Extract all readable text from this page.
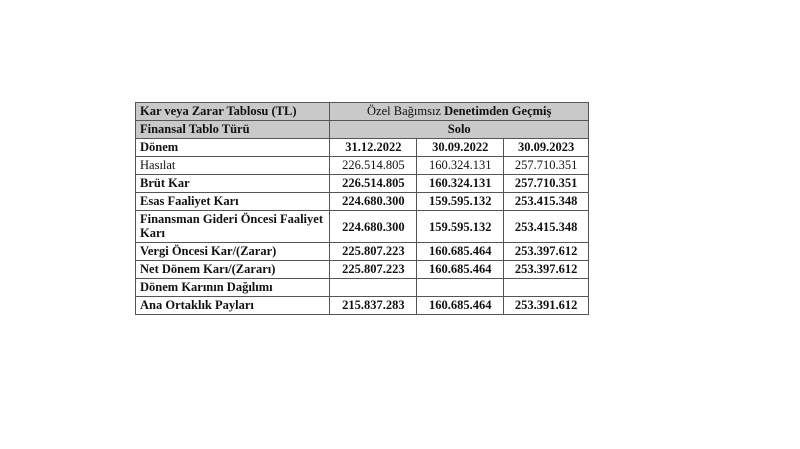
Kar veya Zarar Tablosu (TL)	Özel Bağımsız Denetimden Geçmiş		
Finansal Tablo Türü	Solo		
Dönem	31.12.2022	30.09.2022	30.09.2023
Hasılat	226.514.805	160.324.131	257.710.351
Brüt Kar	226.514.805	160.324.131	257.710.351
Esas Faaliyet Karı	224.680.300	159.595.132	253.415.348
Finansman Gideri Öncesi Faaliyet Karı	224.680.300	159.595.132	253.415.348
Vergi Öncesi Kar/(Zarar)	225.807.223	160.685.464	253.397.612
Net Dönem Karı/(Zararı)	225.807.223	160.685.464	253.397.612
Dönem Karının Dağılımı			
Ana Ortaklık Payları	215.837.283	160.685.464	253.391.612
